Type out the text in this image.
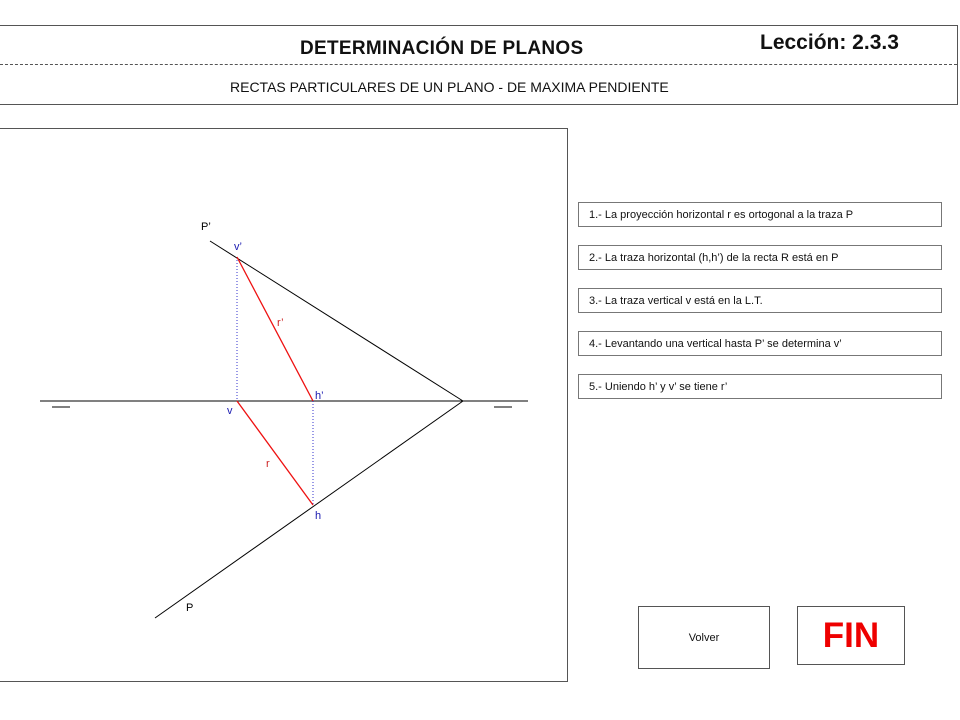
DETERMINACIÓN DE PLANOS	Lección: 2.3.3
RECTAS PARTICULARES DE UN PLANO - DE MAXIMA PENDIENTE
P’
P
v’
v
h’
h
r’
r
1.- La proyección horizontal r es ortogonal a la traza P
2.- La traza horizontal (h,h’) de la recta R está en P
3.- La traza vertical v está en la L.T.
4.- Levantando una vertical hasta P’ se determina v’
5.- Uniendo h’ y v’ se tiene r’
Volver	FIN
